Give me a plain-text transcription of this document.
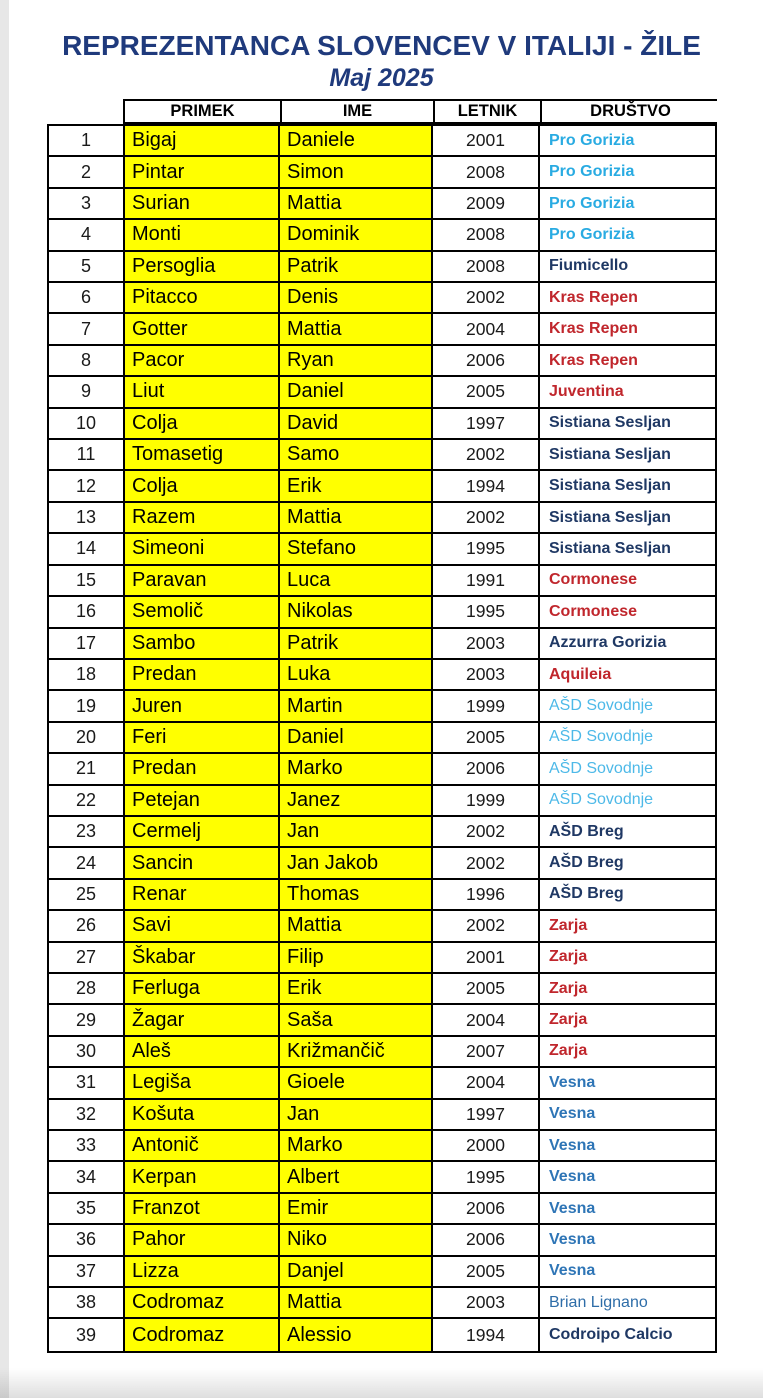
REPREZENTANCA SLOVENCEV V ITALIJI - ŽILE
Maj 2025
PRIMEK	IME	LETNIK	DRUŠTVO
1	Bigaj	Daniele	2001	Pro Gorizia
2	Pintar	Simon	2008	Pro Gorizia
3	Surian	Mattia	2009	Pro Gorizia
4	Monti	Dominik	2008	Pro Gorizia
5	Persoglia	Patrik	2008	Fiumicello
6	Pitacco	Denis	2002	Kras Repen
7	Gotter	Mattia	2004	Kras Repen
8	Pacor	Ryan	2006	Kras Repen
9	Liut	Daniel	2005	Juventina
10	Colja	David	1997	Sistiana Sesljan
11	Tomasetig	Samo	2002	Sistiana Sesljan
12	Colja	Erik	1994	Sistiana Sesljan
13	Razem	Mattia	2002	Sistiana Sesljan
14	Simeoni	Stefano	1995	Sistiana Sesljan
15	Paravan	Luca	1991	Cormonese
16	Semolič	Nikolas	1995	Cormonese
17	Sambo	Patrik	2003	Azzurra Gorizia
18	Predan	Luka	2003	Aquileia
19	Juren	Martin	1999	AŠD Sovodnje
20	Feri	Daniel	2005	AŠD Sovodnje
21	Predan	Marko	2006	AŠD Sovodnje
22	Petejan	Janez	1999	AŠD Sovodnje
23	Cermelj	Jan	2002	AŠD Breg
24	Sancin	Jan Jakob	2002	AŠD Breg
25	Renar	Thomas	1996	AŠD Breg
26	Savi	Mattia	2002	Zarja
27	Škabar	Filip	2001	Zarja
28	Ferluga	Erik	2005	Zarja
29	Žagar	Saša	2004	Zarja
30	Aleš	Križmančič	2007	Zarja
31	Legiša	Gioele	2004	Vesna
32	Košuta	Jan	1997	Vesna
33	Antonič	Marko	2000	Vesna
34	Kerpan	Albert	1995	Vesna
35	Franzot	Emir	2006	Vesna
36	Pahor	Niko	2006	Vesna
37	Lizza	Danjel	2005	Vesna
38	Codromaz	Mattia	2003	Brian Lignano
39	Codromaz	Alessio	1994	Codroipo Calcio
